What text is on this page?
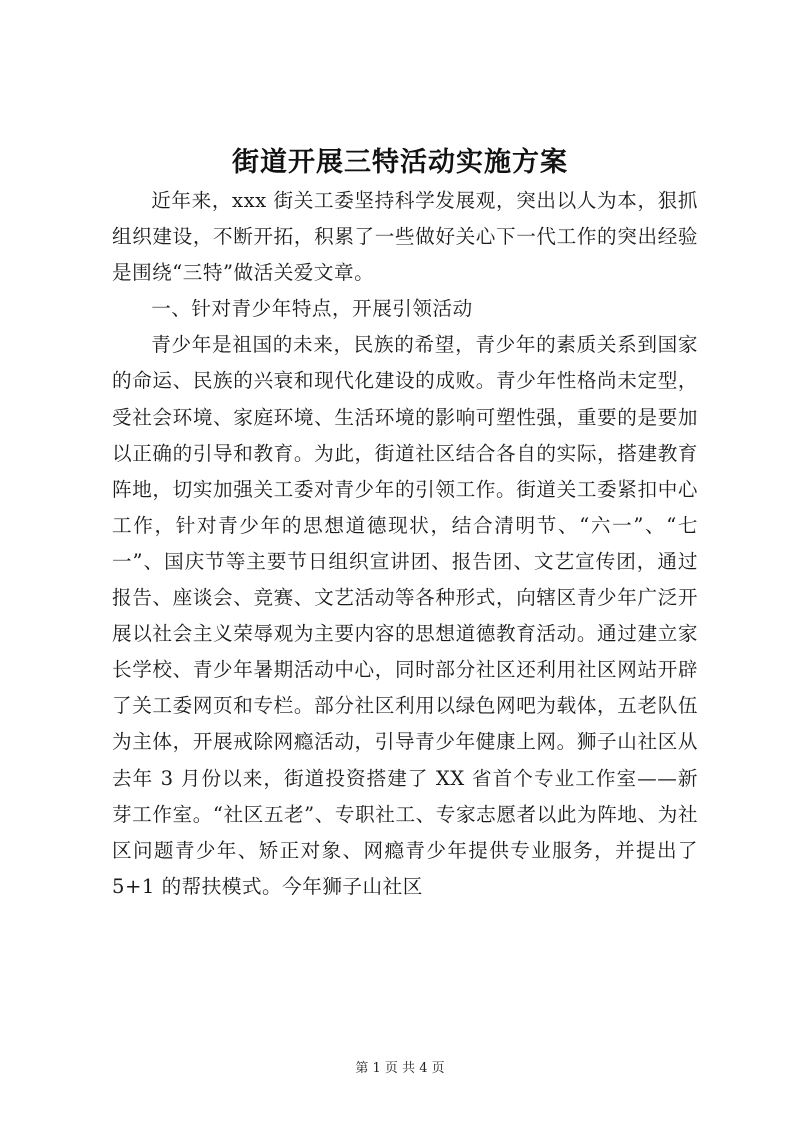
街道开展三特活动实施方案

近年来，xxx 街关工委坚持科学发展观，突出以人为本，狠抓组织建设，不断开拓，积累了一些做好关心下一代工作的突出经验是围绕“三特”做活关爱文章。

一、针对青少年特点，开展引领活动

青少年是祖国的未来，民族的希望，青少年的素质关系到国家的命运、民族的兴衰和现代化建设的成败。青少年性格尚未定型，受社会环境、家庭环境、生活环境的影响可塑性强，重要的是要加以正确的引导和教育。为此，街道社区结合各自的实际，搭建教育阵地，切实加强关工委对青少年的引领工作。街道关工委紧扣中心工作，针对青少年的思想道德现状，结合清明节、“六一”、“七一”、国庆节等主要节日组织宣讲团、报告团、文艺宣传团，通过报告、座谈会、竞赛、文艺活动等各种形式，向辖区青少年广泛开展以社会主义荣辱观为主要内容的思想道德教育活动。通过建立家长学校、青少年暑期活动中心，同时部分社区还利用社区网站开辟了关工委网页和专栏。部分社区利用以绿色网吧为载体，五老队伍为主体，开展戒除网瘾活动，引导青少年健康上网。狮子山社区从去年 3 月份以来，街道投资搭建了 XX 省首个专业工作室——新芽工作室。“社区五老”、专职社工、专家志愿者以此为阵地、为社区问题青少年、矫正对象、网瘾青少年提供专业服务，并提出了 5+1 的帮扶模式。今年狮子山社区

第 1 页 共 4 页
